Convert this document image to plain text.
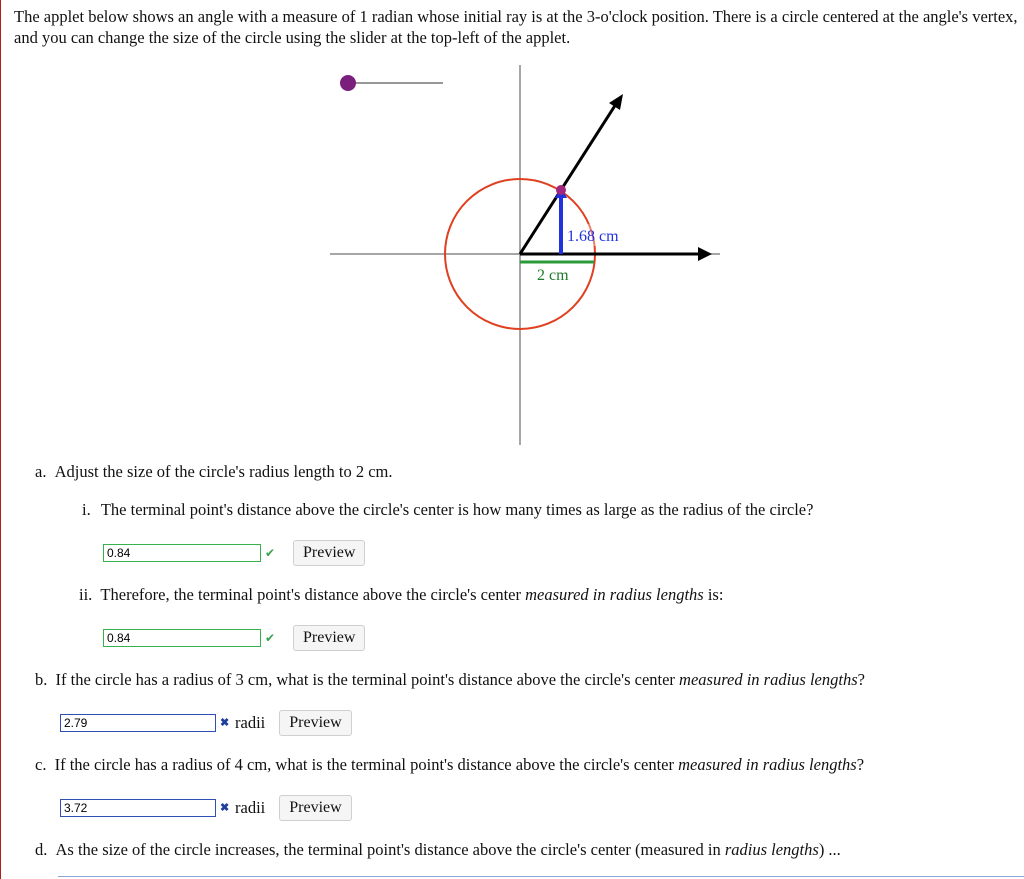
The applet below shows an angle with a measure of 1 radian whose initial ray is at the 3-o'clock position. There is a circle centered at the angle's vertex, and you can change the size of the circle using the slider at the top-left of the applet.

1.68 cm
2 cm
a. Adjust the size of the circle's radius length to 2 cm.
i. The terminal point's distance above the circle's center is how many times as large as the radius of the circle?
0.84
✔	Preview
ii. Therefore, the terminal point's distance above the circle's center measured in radius lengths is:
0.84
✔	Preview
b. If the circle has a radius of 3 cm, what is the terminal point's distance above the circle's center measured in radius lengths?
2.79
✖ radii	Preview
c. If the circle has a radius of 4 cm, what is the terminal point's distance above the circle's center measured in radius lengths?
3.72
✖ radii	Preview
d. As the size of the circle increases, the terminal point's distance above the circle's center (measured in radius lengths) ...
